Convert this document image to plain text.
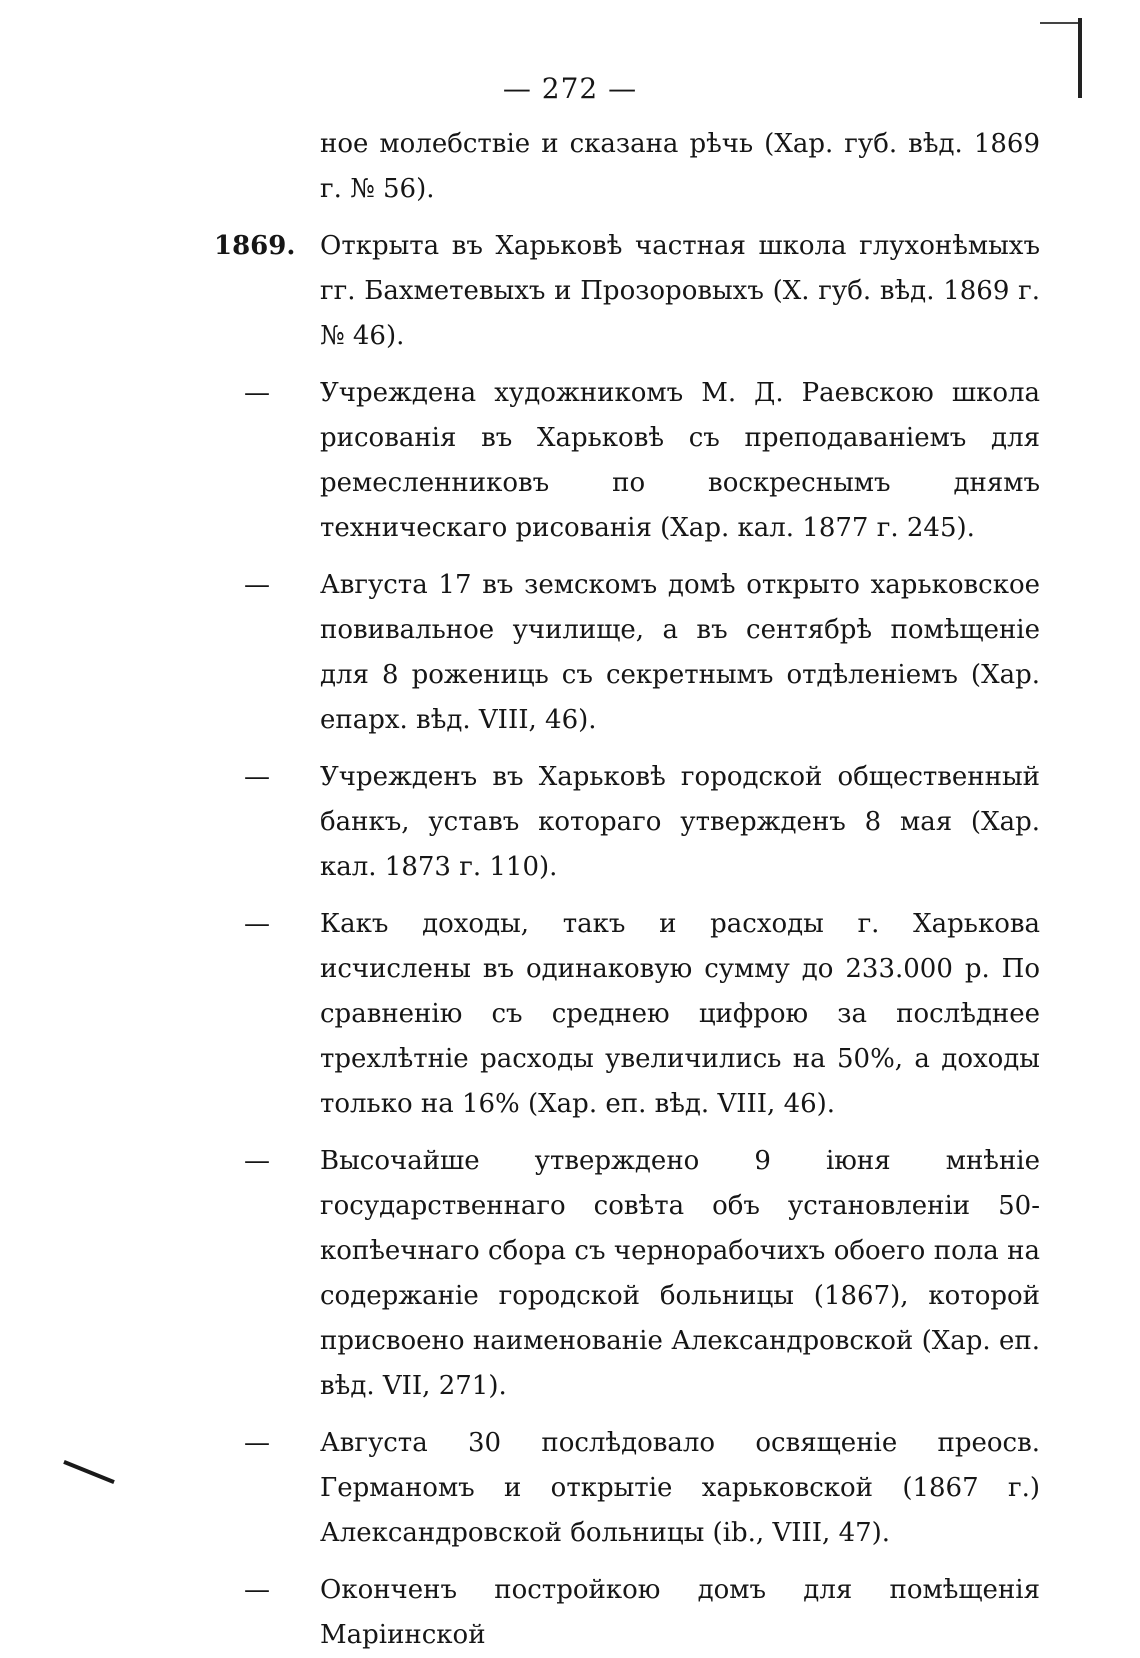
— 272 —
ное молебствіе и сказана рѣчь (Хар. губ. вѣд. 1869 г. № 56).
1869. Открыта въ Харьковѣ частная школа глухонѣмыхъ гг. Бахметевыхъ и Прозоровыхъ (Х. губ. вѣд. 1869 г. № 46).
—	Учреждена художникомъ М. Д. Раевскою школа рисованія въ Харьковѣ съ преподаваніемъ для ремесленниковъ по воскреснымъ днямъ техническаго рисованія (Хар. кал. 1877 г. 245).
—	Августа 17 въ земскомъ домѣ открыто харьковское повивальное училище, а въ сентябрѣ помѣщеніе для 8 рожениць съ секретнымъ отдѣленіемъ (Хар. епарх. вѣд. VIII, 46).
—	Учрежденъ въ Харьковѣ городской общественный банкъ, уставъ котораго утвержденъ 8 мая (Хар. кал. 1873 г. 110).
—	Какъ доходы, такъ и расходы г. Харькова исчислены въ одинаковую сумму до 233.000 р. По сравненію съ среднею цифрою за послѣднее трехлѣтніе расходы увеличились на 50%, а доходы только на 16% (Хар. еп. вѣд. VIII, 46).
—	Высочайше утверждено 9 іюня мнѣніе государственнаго совѣта объ установленіи 50-копѣечнаго сбора съ чернорабочихъ обоего пола на содержаніе городской больницы (1867), которой присвоено наименованіе Александровской (Хар. еп. вѣд. VII, 271).
—	Августа 30 послѣдовало освященіе преосв. Германомъ и открытіе харьковской (1867 г.) Александровской больницы (ib., VIII, 47).
—	Оконченъ постройкою домъ для помѣщенія Маріинской
